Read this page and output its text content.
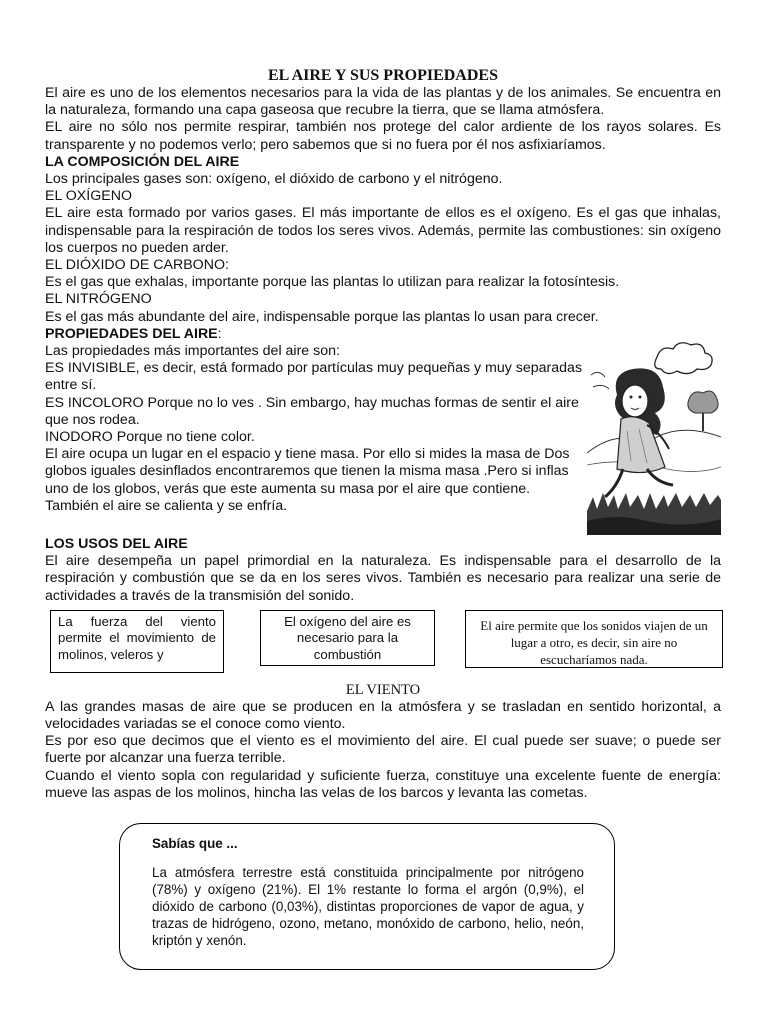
EL AIRE Y SUS PROPIEDADES

El aire es uno de los elementos necesarios para la vida de las plantas y de los animales. Se encuentra en la naturaleza, formando una capa gaseosa que recubre la tierra, que se llama atmósfera.

EL aire no sólo nos permite respirar, también nos protege del calor ardiente de los rayos solares. Es transparente y no podemos verlo; pero sabemos que si no fuera por él nos asfixiaríamos.

LA COMPOSICIÓN DEL AIRE

Los principales gases son: oxígeno, el dióxido de carbono y el nitrógeno.

EL OXÍGENO

EL aire esta formado por varios gases. El más importante de ellos es el oxígeno. Es el gas que inhalas, indispensable para la respiración de todos los seres vivos. Además, permite las combustiones: sin oxígeno los cuerpos no pueden arder.

EL DIÓXIDO DE CARBONO:

Es el gas que exhalas, importante porque las plantas lo utilizan para realizar la fotosíntesis.

EL NITRÓGENO

Es el gas más abundante del aire, indispensable porque las plantas lo usan para crecer.

PROPIEDADES DEL AIRE:

Las propiedades más importantes del aire son:

ES INVISIBLE, es decir, está formado por partículas muy pequeñas y muy separadas entre sí.

ES INCOLORO Porque no lo ves . Sin embargo, hay muchas formas de sentir el aire que nos rodea.

INODORO Porque no tiene color.

El aire ocupa un lugar en el espacio y tiene masa. Por ello si mides la masa de Dos globos iguales desinflados encontraremos que tienen la misma masa .Pero si inflas uno de los globos, verás que este aumenta su masa por el aire que contiene. También el aire se calienta y se enfría.

LOS USOS DEL AIRE

El aire desempeña un papel primordial en la naturaleza. Es indispensable para el desarrollo de la respiración y combustión que se da en los seres vivos. También es necesario para realizar una serie de actividades a través de la transmisión del sonido.

La fuerza del viento permite el movimiento de molinos, veleros y
El oxígeno del aire es necesario para la combustión
El aire permite que los sonidos viajen de un lugar a otro, es decir, sin aire no escucharíamos nada.

EL VIENTO

A las grandes masas de aire que se producen en la atmósfera y se trasladan en sentido horizontal, a velocidades variadas se el conoce como viento.

Es por eso que decimos que el viento es el movimiento del aire. El cual puede ser suave; o puede ser fuerte por alcanzar una fuerza terrible.

Cuando el viento sopla con regularidad y suficiente fuerza, constituye una excelente fuente de energía: mueve las aspas de los molinos, hincha las velas de los barcos y levanta las cometas.

Sabías que ...

La atmósfera terrestre está constituida principalmente por nitrógeno (78%) y oxígeno (21%). El 1% restante lo forma el argón (0,9%), el dióxido de carbono (0,03%), distintas proporciones de vapor de agua, y trazas de hidrógeno, ozono, metano, monóxido de carbono, helio, neón, kriptón y xenón.
